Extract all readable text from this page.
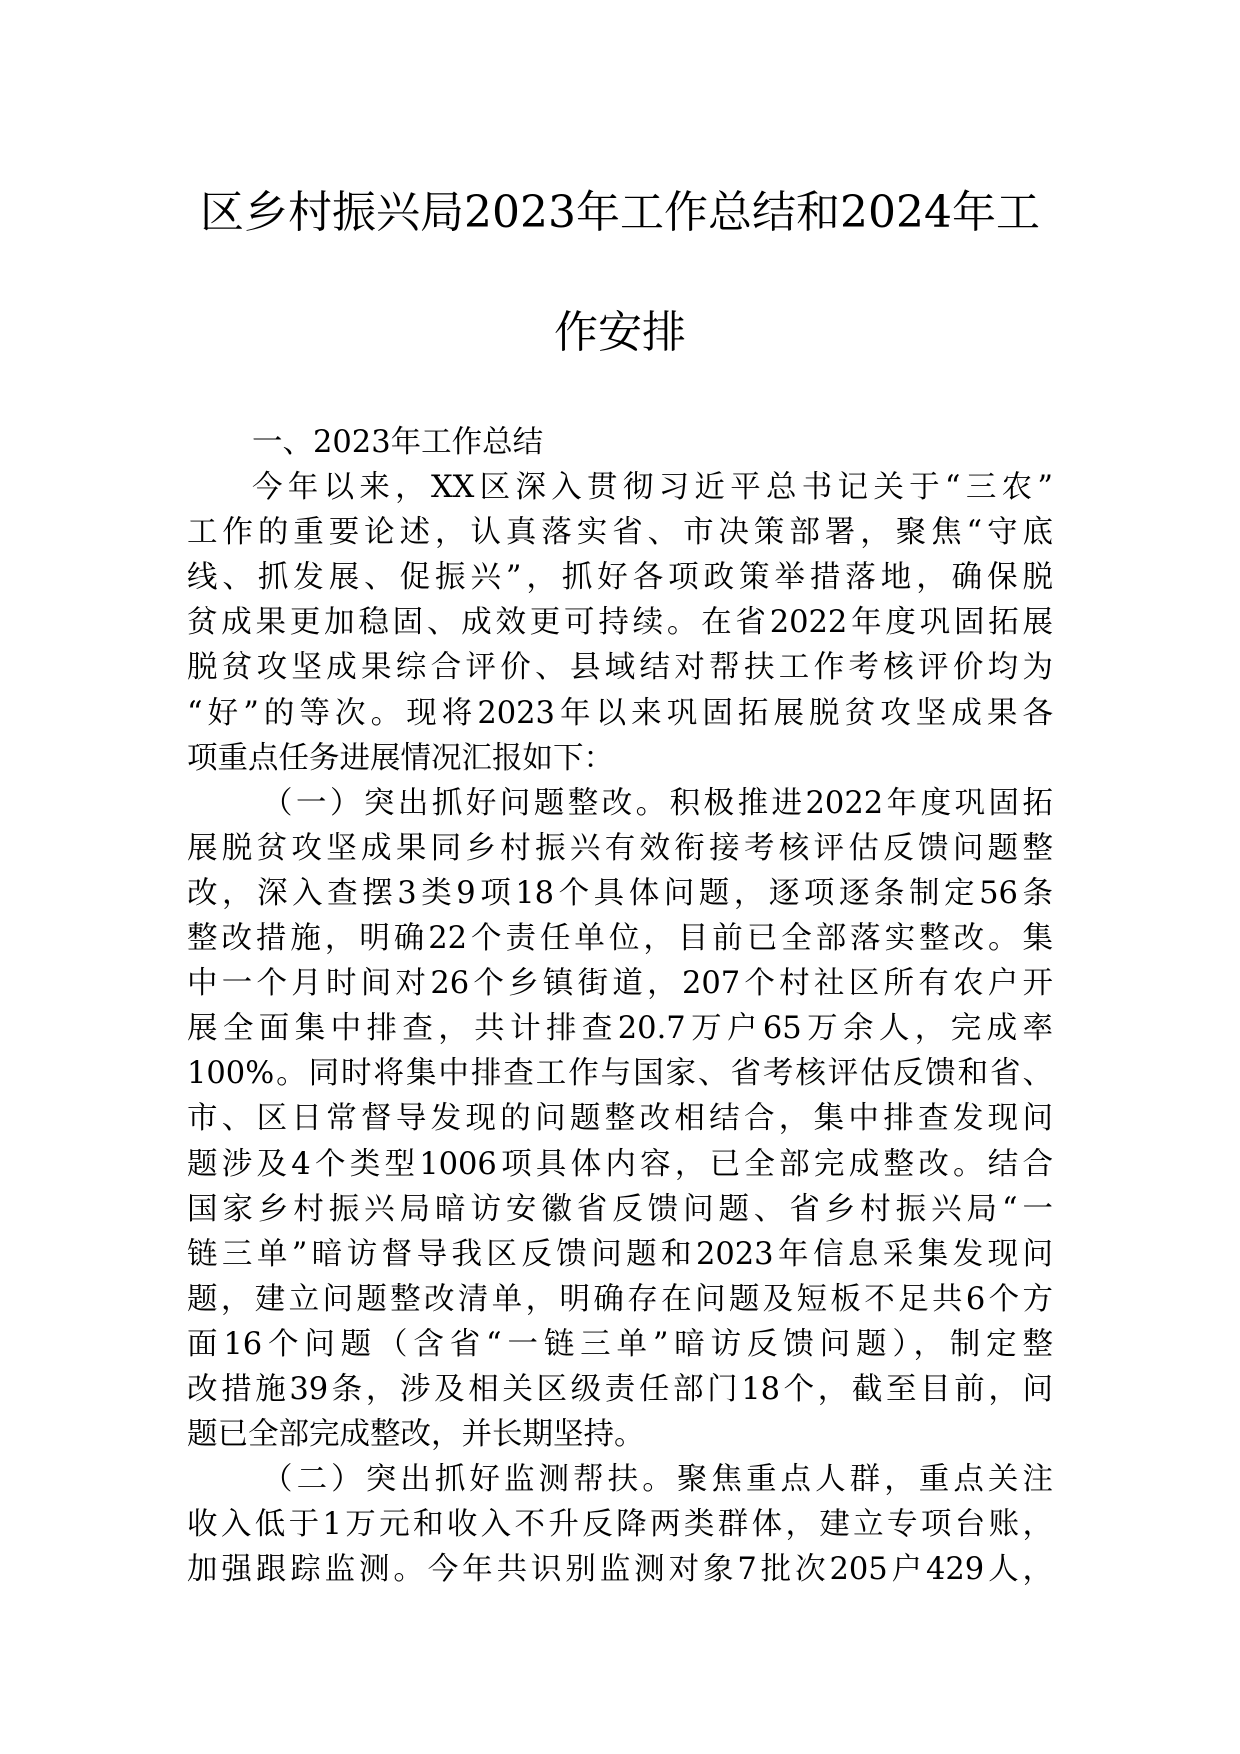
区乡村振兴局2023年工作总结和2024年工
作安排
一、2023年工作总结
今年以来，XX区深入贯彻习近平总书记关于“三农”
工作的重要论述，认真落实省、市决策部署，聚焦“守底
线、抓发展、促振兴”，抓好各项政策举措落地，确保脱
贫成果更加稳固、成效更可持续。在省2022年度巩固拓展
脱贫攻坚成果综合评价、县域结对帮扶工作考核评价均为
“好”的等次。现将2023年以来巩固拓展脱贫攻坚成果各
项重点任务进展情况汇报如下：
（一）突出抓好问题整改。积极推进2022年度巩固拓
展脱贫攻坚成果同乡村振兴有效衔接考核评估反馈问题整
改，深入查摆3类9项18个具体问题，逐项逐条制定56条
整改措施，明确22个责任单位，目前已全部落实整改。集
中一个月时间对26个乡镇街道，207个村社区所有农户开
展全面集中排查，共计排查20.7万户65万余人，完成率
100%。同时将集中排查工作与国家、省考核评估反馈和省、
市、区日常督导发现的问题整改相结合，集中排查发现问
题涉及4个类型1006项具体内容，已全部完成整改。结合
国家乡村振兴局暗访安徽省反馈问题、省乡村振兴局“一
链三单”暗访督导我区反馈问题和2023年信息采集发现问
题，建立问题整改清单，明确存在问题及短板不足共6个方
面16个问题（含省“一链三单”暗访反馈问题），制定整
改措施39条，涉及相关区级责任部门18个，截至目前，问
题已全部完成整改，并长期坚持。
（二）突出抓好监测帮扶。聚焦重点人群，重点关注
收入低于1万元和收入不升反降两类群体，建立专项台账，
加强跟踪监测。今年共识别监测对象7批次205户429人，
